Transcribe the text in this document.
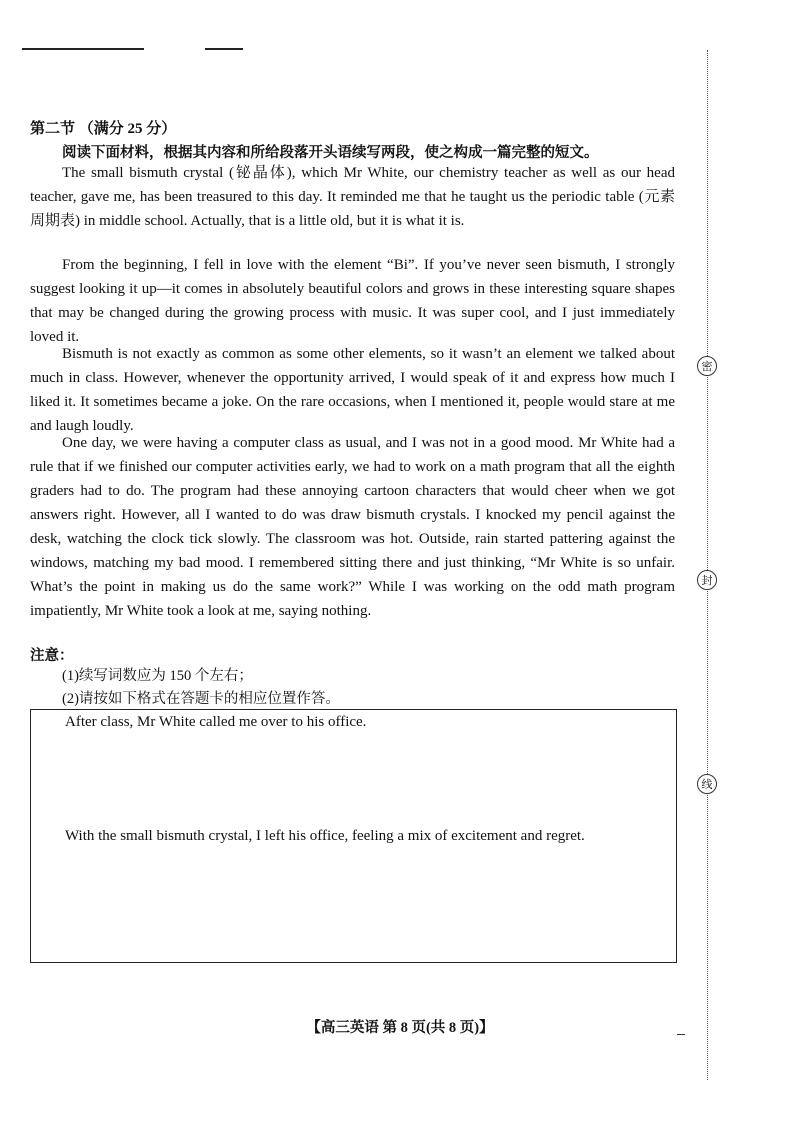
第二节 （满分 25 分）
阅读下面材料，根据其内容和所给段落开头语续写两段，使之构成一篇完整的短文。

The small bismuth crystal (铋晶体), which Mr White, our chemistry teacher as well as our head teacher, gave me, has been treasured to this day. It reminded me that he taught us the periodic table (元素周期表) in middle school. Actually, that is a little old, but it is what it is.

From the beginning, I fell in love with the element “Bi”. If you’ve never seen bismuth, I strongly suggest looking it up—it comes in absolutely beautiful colors and grows in these interesting square shapes that may be changed during the growing process with music. It was super cool, and I just immediately loved it.

Bismuth is not exactly as common as some other elements, so it wasn’t an element we talked about much in class. However, whenever the opportunity arrived, I would speak of it and express how much I liked it. It sometimes became a joke. On the rare occasions, when I mentioned it, people would stare at me and laugh loudly.

One day, we were having a computer class as usual, and I was not in a good mood. Mr White had a rule that if we finished our computer activities early, we had to work on a math program that all the eighth graders had to do. The program had these annoying cartoon characters that would cheer when we got answers right. However, all I wanted to do was draw bismuth crystals. I knocked my pencil against the desk, watching the clock tick slowly. The classroom was hot. Outside, rain started pattering against the windows, matching my bad mood. I remembered sitting there and just thinking, “Mr White is so unfair. What’s the point in making us do the same work?” While I was working on the odd math program impatiently, Mr White took a look at me, saying nothing.

注意：
(1)续写词数应为 150 个左右；
(2)请按如下格式在答题卡的相应位置作答。
After class, Mr White called me over to his office.
With the small bismuth crystal, I left his office, feeling a mix of excitement and regret.
【高三英语 第 8 页(共 8 页)】
密
封
线
